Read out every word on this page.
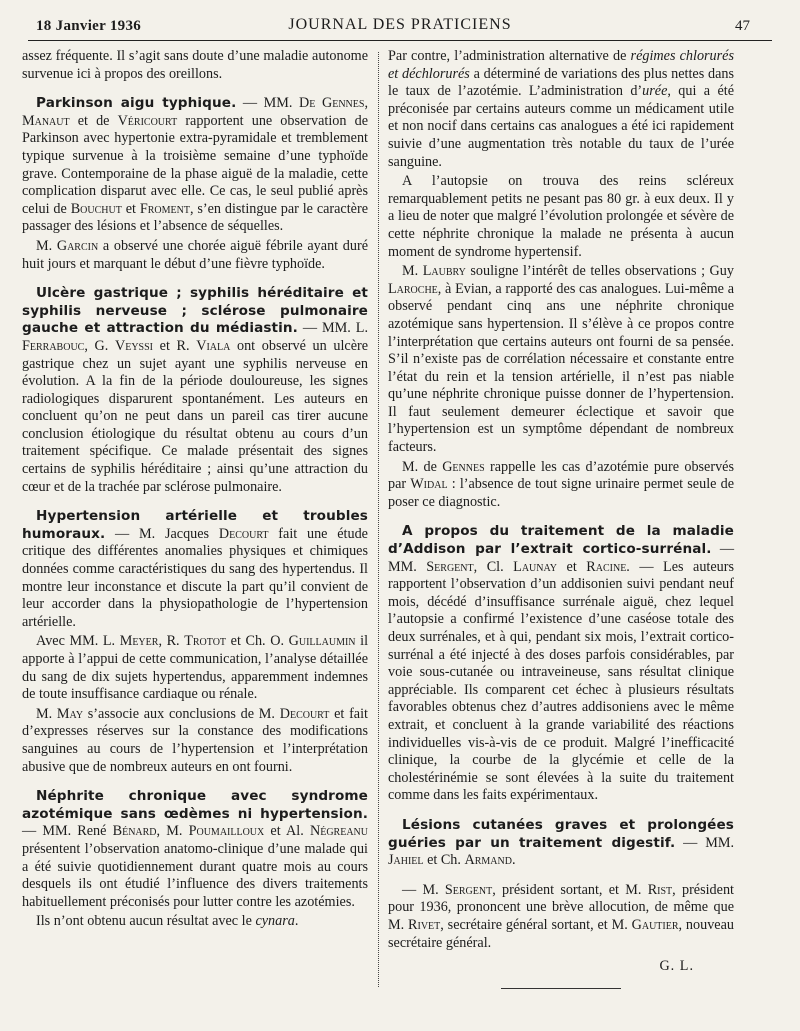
18 Janvier 1936	JOURNAL DES PRATICIENS	47

assez fréquente. Il s’agit sans doute d’une maladie autonome survenue ici à propos des oreillons.

Parkinson aigu typhique. — MM. De Gennes, Manaut et de Véricourt rapportent une observation de Parkinson avec hypertonie extra-pyramidale et tremblement typique survenue à la troisième semaine d’une typhoïde grave. Contemporaine de la phase aiguë de la maladie, cette complication disparut avec elle. Ce cas, le seul publié après celui de Bouchut et Froment, s’en distingue par le caractère passager des lésions et l’absence de séquelles.

M. Garcin a observé une chorée aiguë fébrile ayant duré huit jours et marquant le début d’une fièvre typhoïde.

Ulcère gastrique ; syphilis héréditaire et syphilis nerveuse ; sclérose pulmonaire gauche et attraction du médiastin. — MM. L. Ferrabouc, G. Veyssi et R. Viala ont observé un ulcère gastrique chez un sujet ayant une syphilis nerveuse en évolution. A la fin de la période douloureuse, les signes radiologiques disparurent spontanément. Les auteurs en concluent qu’on ne peut dans un pareil cas tirer aucune conclusion étiologique du résultat obtenu au cours d’un traitement spécifique. Ce malade présentait des signes certains de syphilis héréditaire ; ainsi qu’une attraction du cœur et de la trachée par sclérose pulmonaire.

Hypertension artérielle et troubles humoraux. — M. Jacques Decourt fait une étude critique des différentes anomalies physiques et chimiques données comme caractéristiques du sang des hypertendus. Il montre leur inconstance et discute la part qu’il convient de leur accorder dans la physiopathologie de l’hypertension artérielle.

Avec MM. L. Meyer, R. Trotot et Ch. O. Guillaumin il apporte à l’appui de cette communication, l’analyse détaillée du sang de dix sujets hypertendus, apparemment indemnes de toute insuffisance cardiaque ou rénale.

M. May s’associe aux conclusions de M. Decourt et fait d’expresses réserves sur la constance des modifications sanguines au cours de l’hypertension et l’interprétation abusive que de nombreux auteurs en ont fourni.

Néphrite chronique avec syndrome azotémique sans œdèmes ni hypertension. — MM. René Bénard, M. Poumailloux et Al. Négreanu présentent l’observation anatomo-clinique d’une malade qui a été suivie quotidiennement durant quatre mois au cours desquels ils ont étudié l’influence des divers traitements habituellement préconisés pour lutter contre les azotémies.

Ils n’ont obtenu aucun résultat avec le cynara.

Par contre, l’administration alternative de régimes chlorurés et déchlorurés a déterminé de variations des plus nettes dans le taux de l’azotémie. L’administration d’urée, qui a été préconisée par certains auteurs comme un médicament utile et non nocif dans certains cas analogues a été ici rapidement suivie d’une augmentation très notable du taux de l’urée sanguine.

A l’autopsie on trouva des reins scléreux remarquablement petits ne pesant pas 80 gr. à eux deux. Il y a lieu de noter que malgré l’évolution prolongée et sévère de cette néphrite chronique la malade ne présenta à aucun moment de syndrome hypertensif.

M. Laubry souligne l’intérêt de telles observations ; Guy Laroche, à Evian, a rapporté des cas analogues. Lui-même a observé pendant cinq ans une néphrite chronique azotémique sans hypertension. Il s’élève à ce propos contre l’interprétation que certains auteurs ont fourni de sa pensée. S’il n’existe pas de corrélation nécessaire et constante entre l’état du rein et la tension artérielle, il n’est pas niable qu’une néphrite chronique puisse donner de l’hypertension. Il faut seulement demeurer éclectique et savoir que l’hypertension est un symptôme dépendant de nombreux facteurs.

M. de Gennes rappelle les cas d’azotémie pure observés par Widal : l’absence de tout signe urinaire permet seule de poser ce diagnostic.

A propos du traitement de la maladie d’Addison par l’extrait cortico-surrénal. — MM. Sergent, Cl. Launay et Racine. — Les auteurs rapportent l’observation d’un addisonien suivi pendant neuf mois, décédé d’insuffisance surrénale aiguë, chez lequel l’autopsie a confirmé l’existence d’une caséose totale des deux surrénales, et à qui, pendant six mois, l’extrait cortico-surrénal a été injecté à des doses parfois considérables, par voie sous-cutanée ou intraveineuse, sans résultat clinique appréciable. Ils comparent cet échec à plusieurs résultats favorables obtenus chez d’autres addisoniens avec le même extrait, et concluent à la grande variabilité des réactions individuelles vis-à-vis de ce produit. Malgré l’inefficacité clinique, la courbe de la glycémie et celle de la cholestérinémie se sont élevées à la suite du traitement comme dans les faits expérimentaux.

Lésions cutanées graves et prolongées guéries par un traitement digestif. — MM. Jahiel et Ch. Armand.

— M. Sergent, président sortant, et M. Rist, président pour 1936, prononcent une brève allocution, de même que M. Rivet, secrétaire général sortant, et M. Gautier, nouveau secrétaire général.

G. L.
